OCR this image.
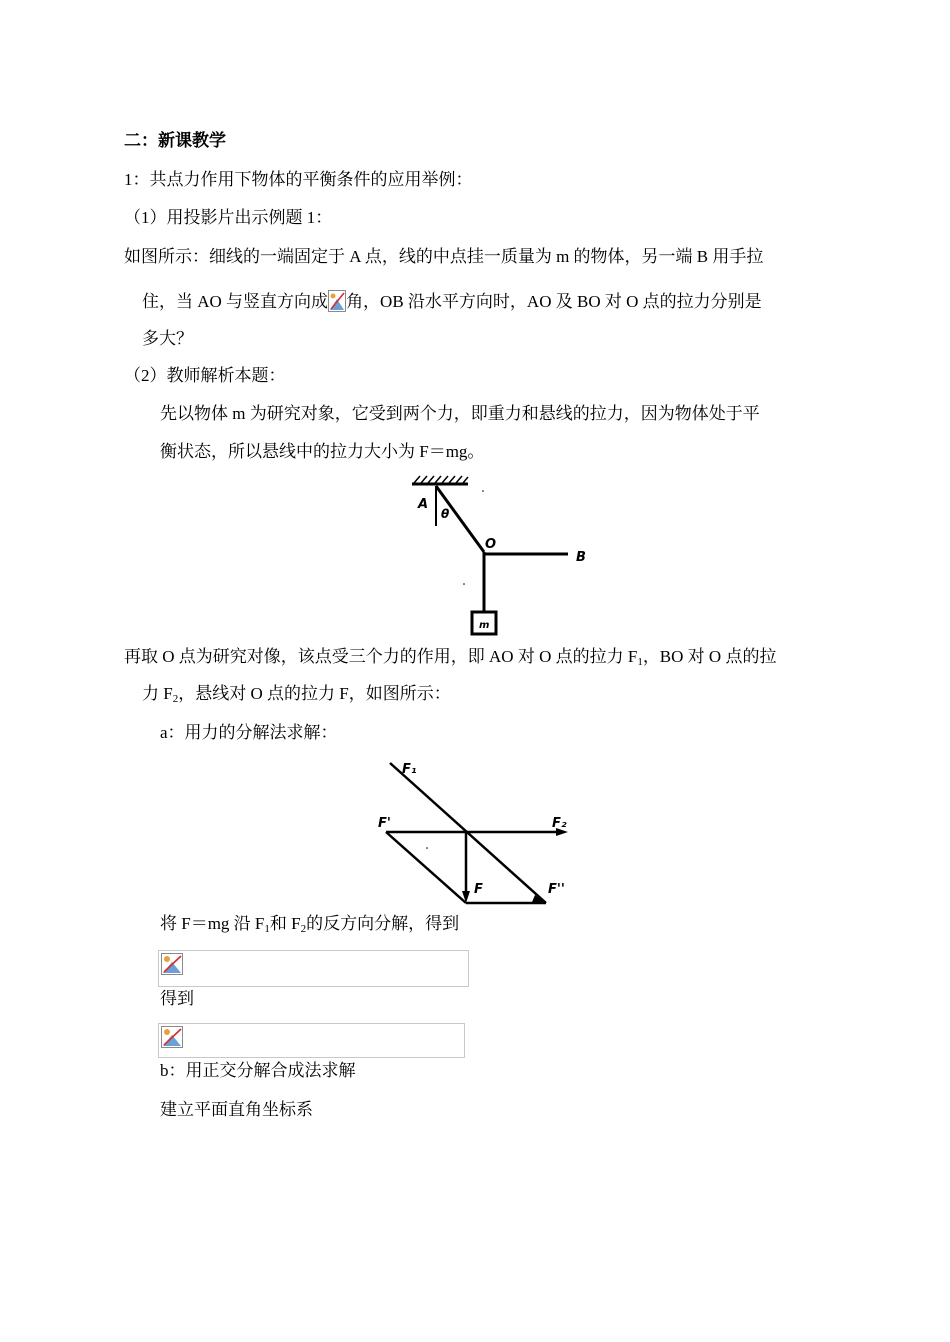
二：新课教学
1：共点力作用下物体的平衡条件的应用举例：
（1）用投影片出示例题 1：
如图所示：细线的一端固定于 A 点，线的中点挂一质量为 m 的物体，另一端 B 用手拉
住，当 AO 与竖直方向成 角，OB 沿水平方向时，AO 及 BO 对 O 点的拉力分别是
多大？
（2）教师解析本题：
先以物体 m 为研究对象，它受到两个力，即重力和悬线的拉力，因为物体处于平
衡状态，所以悬线中的拉力大小为 F＝mg。
m
A
θ
O
B
再取 O 点为研究对像，该点受三个力的作用，即 AO 对 O 点的拉力 $F_1$，BO 对 O 点的拉
力 $F_2$，悬线对 O 点的拉力 F，如图所示：
a：用力的分解法求解：
F₁
F₂
F'
F	F''
将 F＝mg 沿 $F_1$和 $F_2$的反方向分解，得到
得到
b：用正交分解合成法求解
建立平面直角坐标系
